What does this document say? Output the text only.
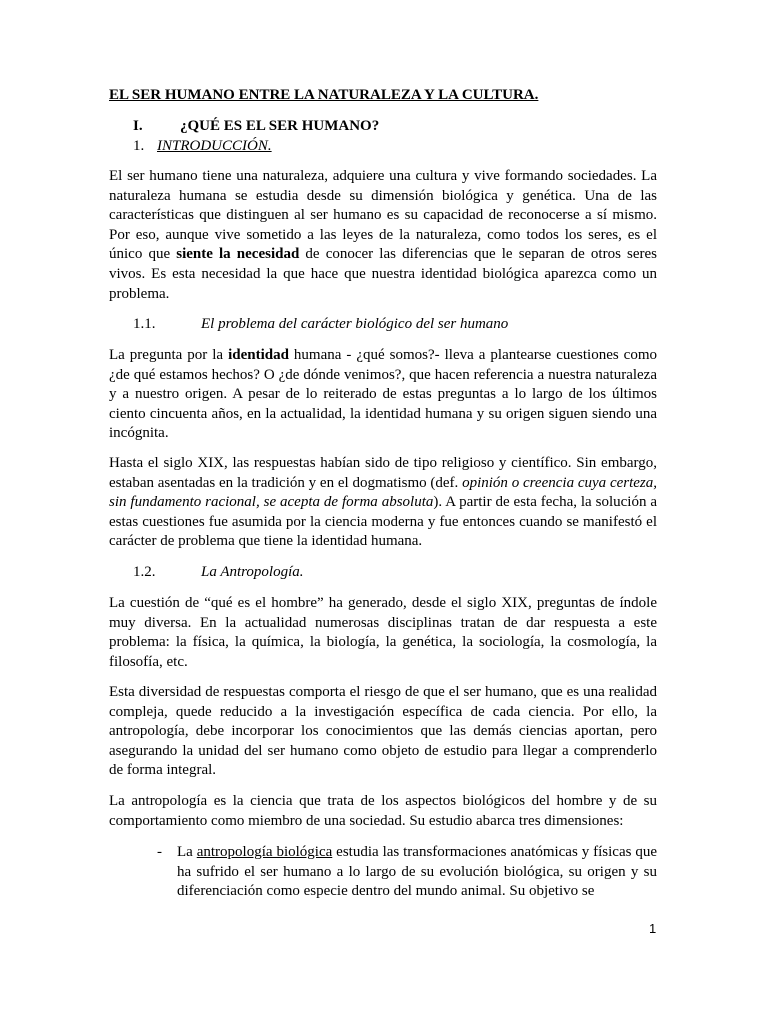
EL SER HUMANO ENTRE LA NATURALEZA Y LA CULTURA.
I. ¿QUÉ ES EL SER HUMANO?
1. INTRODUCCIÓN.

El ser humano tiene una naturaleza, adquiere una cultura y vive formando sociedades. La naturaleza humana se estudia desde su dimensión biológica y genética. Una de las características que distinguen al ser humano es su capacidad de reconocerse a sí mismo. Por eso, aunque vive sometido a las leyes de la naturaleza, como todos los seres, es el único que siente la necesidad de conocer las diferencias que le separan de otros seres vivos. Es esta necesidad la que hace que nuestra identidad biológica aparezca como un problema.

1.1.	El problema del carácter biológico del ser humano

La pregunta por la identidad humana - ¿qué somos?- lleva a plantearse cuestiones como ¿de qué estamos hechos? O ¿de dónde venimos?, que hacen referencia a nuestra naturaleza y a nuestro origen. A pesar de lo reiterado de estas preguntas a lo largo de los últimos ciento cincuenta años, en la actualidad, la identidad humana y su origen siguen siendo una incógnita.

Hasta el siglo XIX, las respuestas habían sido de tipo religioso y científico. Sin embargo, estaban asentadas en la tradición y en el dogmatismo (def. opinión o creencia cuya certeza, sin fundamento racional, se acepta de forma absoluta). A partir de esta fecha, la solución a estas cuestiones fue asumida por la ciencia moderna y fue entonces cuando se manifestó el carácter de problema que tiene la identidad humana.

1.2.	La Antropología.

La cuestión de “qué es el hombre” ha generado, desde el siglo XIX, preguntas de índole muy diversa. En la actualidad numerosas disciplinas tratan de dar respuesta a este problema: la física, la química, la biología, la genética, la sociología, la cosmología, la filosofía, etc.

Esta diversidad de respuestas comporta el riesgo de que el ser humano, que es una realidad compleja, quede reducido a la investigación específica de cada ciencia. Por ello, la antropología, debe incorporar los conocimientos que las demás ciencias aportan, pero asegurando la unidad del ser humano como objeto de estudio para llegar a comprenderlo de forma integral.

La antropología es la ciencia que trata de los aspectos biológicos del hombre y de su comportamiento como miembro de una sociedad. Su estudio abarca tres dimensiones:

- La antropología biológica estudia las transformaciones anatómicas y físicas que ha sufrido el ser humano a lo largo de su evolución biológica, su origen y su diferenciación como especie dentro del mundo animal. Su objetivo se

1
